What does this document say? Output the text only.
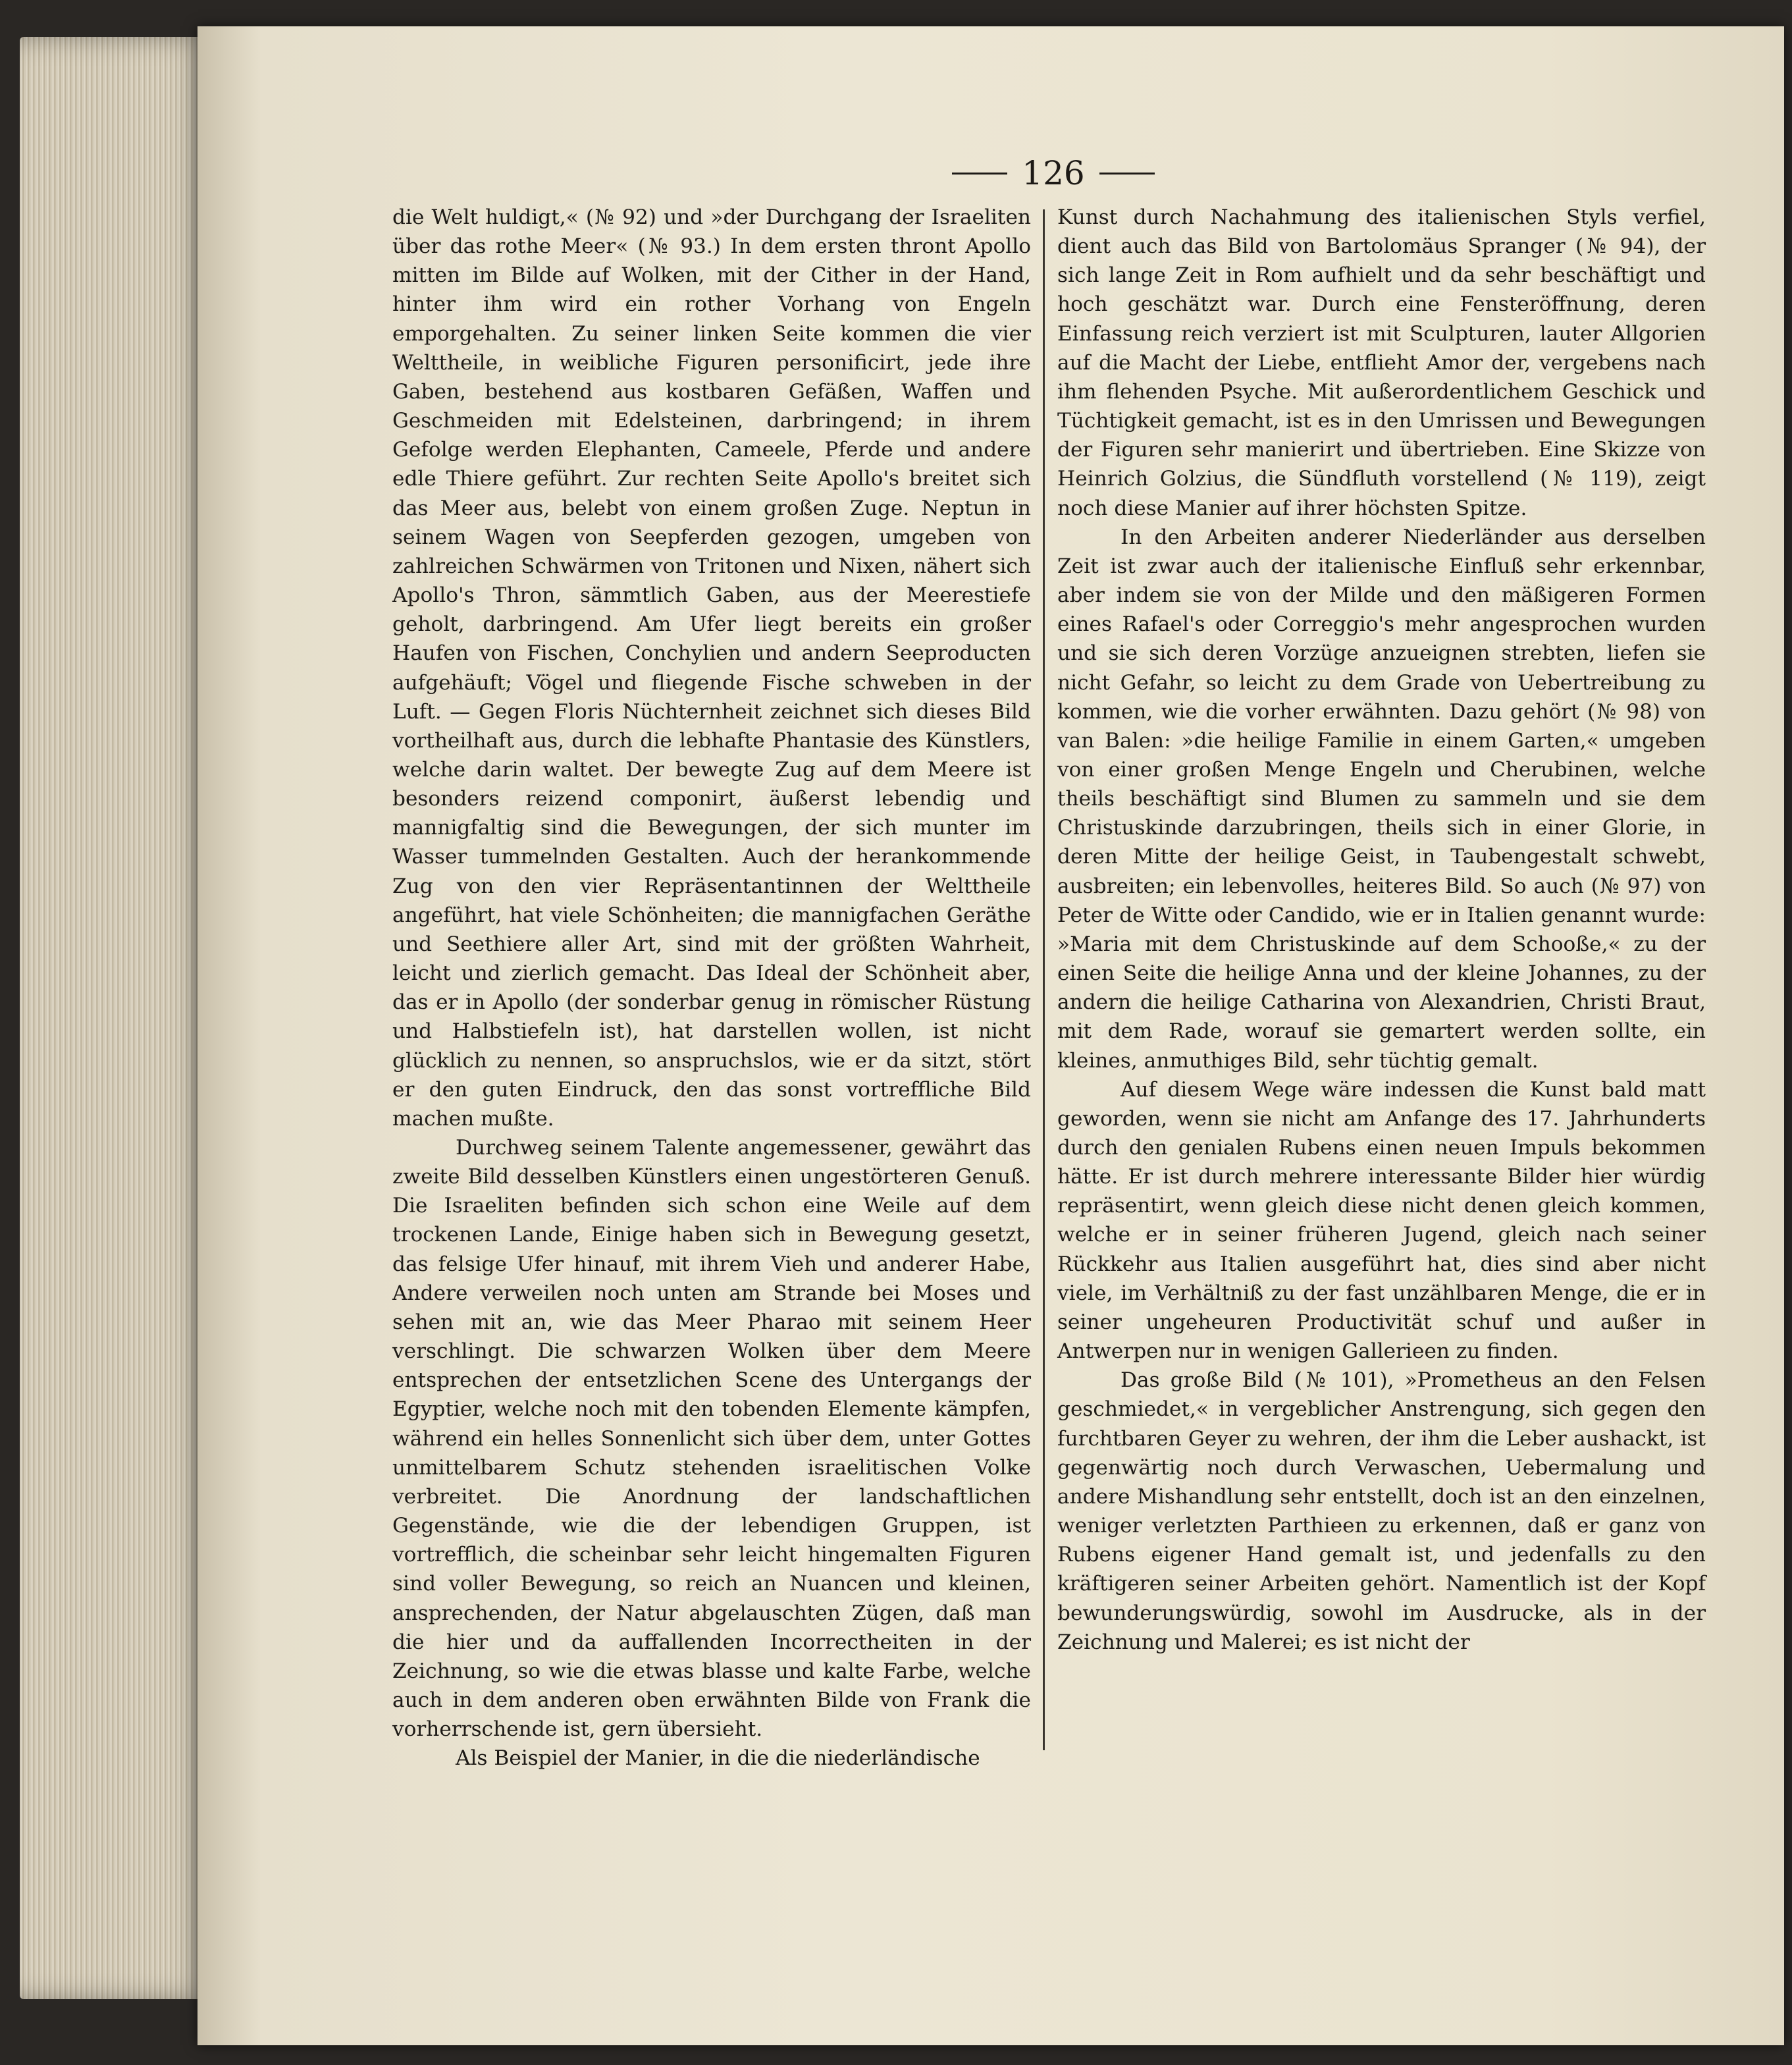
126

die Welt huldigt,« (№ 92) und »der Durchgang der Israeliten über das rothe Meer« (№ 93.) In dem ersten thront Apollo mitten im Bilde auf Wolken, mit der Cither in der Hand, hinter ihm wird ein rother Vorhang von Engeln emporgehalten. Zu seiner linken Seite kommen die vier Welttheile, in weibliche Figuren personificirt, jede ihre Gaben, bestehend aus kostbaren Gefäßen, Waffen und Geschmeiden mit Edelsteinen, darbringend; in ihrem Gefolge werden Elephanten, Cameele, Pferde und andere edle Thiere geführt. Zur rechten Seite Apollo's breitet sich das Meer aus, belebt von einem großen Zuge. Neptun in seinem Wagen von Seepferden gezogen, umgeben von zahlreichen Schwärmen von Tritonen und Nixen, nähert sich Apollo's Thron, sämmtlich Gaben, aus der Meerestiefe geholt, darbringend. Am Ufer liegt bereits ein großer Haufen von Fischen, Conchylien und andern Seeproducten aufgehäuft; Vögel und fliegende Fische schweben in der Luft. — Gegen Floris Nüchternheit zeichnet sich dieses Bild vortheilhaft aus, durch die lebhafte Phantasie des Künstlers, welche darin waltet. Der bewegte Zug auf dem Meere ist besonders reizend componirt, äußerst lebendig und mannigfaltig sind die Bewegungen, der sich munter im Wasser tummelnden Gestalten. Auch der herankommende Zug von den vier Repräsentantinnen der Welttheile angeführt, hat viele Schönheiten; die mannigfachen Geräthe und Seethiere aller Art, sind mit der größten Wahrheit, leicht und zierlich gemacht. Das Ideal der Schönheit aber, das er in Apollo (der sonderbar genug in römischer Rüstung und Halbstiefeln ist), hat darstellen wollen, ist nicht glücklich zu nennen, so anspruchslos, wie er da sitzt, stört er den guten Eindruck, den das sonst vortreffliche Bild machen mußte.

Durchweg seinem Talente angemessener, gewährt das zweite Bild desselben Künstlers einen ungestörteren Genuß. Die Israeliten befinden sich schon eine Weile auf dem trockenen Lande, Einige haben sich in Bewegung gesetzt, das felsige Ufer hinauf, mit ihrem Vieh und anderer Habe, Andere verweilen noch unten am Strande bei Moses und sehen mit an, wie das Meer Pharao mit seinem Heer verschlingt. Die schwarzen Wolken über dem Meere entsprechen der entsetzlichen Scene des Untergangs der Egyptier, welche noch mit den tobenden Elemente kämpfen, während ein helles Sonnenlicht sich über dem, unter Gottes unmittelbarem Schutz stehenden israelitischen Volke verbreitet. Die Anordnung der landschaftlichen Gegenstände, wie die der lebendigen Gruppen, ist vortrefflich, die scheinbar sehr leicht hingemalten Figuren sind voller Bewegung, so reich an Nuancen und kleinen, ansprechenden, der Natur abgelauschten Zügen, daß man die hier und da auffallenden Incorrectheiten in der Zeichnung, so wie die etwas blasse und kalte Farbe, welche auch in dem anderen oben erwähnten Bilde von Frank die vorherrschende ist, gern übersieht.

Als Beispiel der Manier, in die die niederländische

Kunst durch Nachahmung des italienischen Styls verfiel, dient auch das Bild von Bartolomäus Spranger (№ 94), der sich lange Zeit in Rom aufhielt und da sehr beschäftigt und hoch geschätzt war. Durch eine Fensteröffnung, deren Einfassung reich verziert ist mit Sculpturen, lauter Allgorien auf die Macht der Liebe, entflieht Amor der, vergebens nach ihm flehenden Psyche. Mit außerordentlichem Geschick und Tüchtigkeit gemacht, ist es in den Umrissen und Bewegungen der Figuren sehr manierirt und übertrieben. Eine Skizze von Heinrich Golzius, die Sündfluth vorstellend (№ 119), zeigt noch diese Manier auf ihrer höchsten Spitze.

In den Arbeiten anderer Niederländer aus derselben Zeit ist zwar auch der italienische Einfluß sehr erkennbar, aber indem sie von der Milde und den mäßigeren Formen eines Rafael's oder Correggio's mehr angesprochen wurden und sie sich deren Vorzüge anzueignen strebten, liefen sie nicht Gefahr, so leicht zu dem Grade von Uebertreibung zu kommen, wie die vorher erwähnten. Dazu gehört (№ 98) von van Balen: »die heilige Familie in einem Garten,« umgeben von einer großen Menge Engeln und Cherubinen, welche theils beschäftigt sind Blumen zu sammeln und sie dem Christuskinde darzubringen, theils sich in einer Glorie, in deren Mitte der heilige Geist, in Taubengestalt schwebt, ausbreiten; ein lebenvolles, heiteres Bild. So auch (№ 97) von Peter de Witte oder Candido, wie er in Italien genannt wurde: »Maria mit dem Christuskinde auf dem Schooße,« zu der einen Seite die heilige Anna und der kleine Johannes, zu der andern die heilige Catharina von Alexandrien, Christi Braut, mit dem Rade, worauf sie gemartert werden sollte, ein kleines, anmuthiges Bild, sehr tüchtig gemalt.

Auf diesem Wege wäre indessen die Kunst bald matt geworden, wenn sie nicht am Anfange des 17. Jahrhunderts durch den genialen Rubens einen neuen Impuls bekommen hätte. Er ist durch mehrere interessante Bilder hier würdig repräsentirt, wenn gleich diese nicht denen gleich kommen, welche er in seiner früheren Jugend, gleich nach seiner Rückkehr aus Italien ausgeführt hat, dies sind aber nicht viele, im Verhältniß zu der fast unzählbaren Menge, die er in seiner ungeheuren Productivität schuf und außer in Antwerpen nur in wenigen Gallerieen zu finden.

Das große Bild (№ 101), »Prometheus an den Felsen geschmiedet,« in vergeblicher Anstrengung, sich gegen den furchtbaren Geyer zu wehren, der ihm die Leber aushackt, ist gegenwärtig noch durch Verwaschen, Uebermalung und andere Mishandlung sehr entstellt, doch ist an den einzelnen, weniger verletzten Parthieen zu erkennen, daß er ganz von Rubens eigener Hand gemalt ist, und jedenfalls zu den kräftigeren seiner Arbeiten gehört. Namentlich ist der Kopf bewunderungswürdig, sowohl im Ausdrucke, als in der Zeichnung und Malerei; es ist nicht der
